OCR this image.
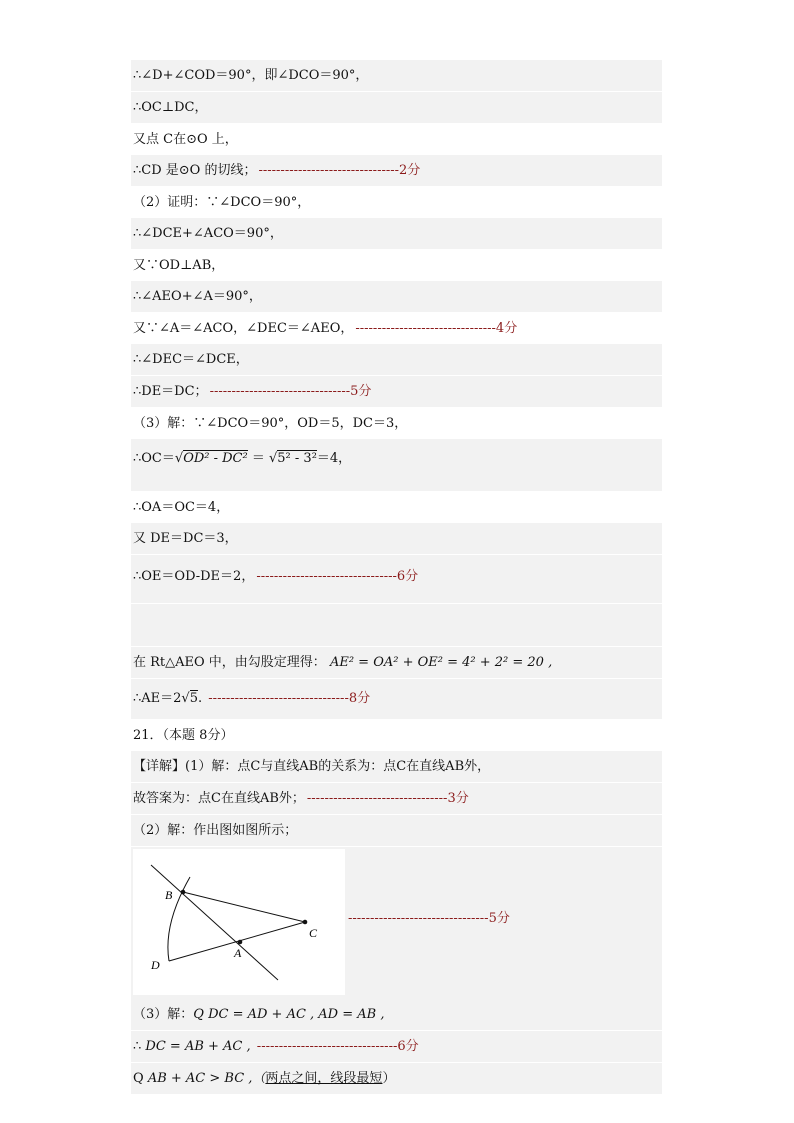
∴∠D+∠COD＝90°，即∠DCO＝90°，
∴OC⊥DC，
又点 C在⊙O 上，
∴CD 是⊙O 的切线； --------------------------------2分
（2）证明：∵∠DCO＝90°，
∴∠DCE+∠ACO＝90°，
又∵OD⊥AB，
∴∠AEO+∠A＝90°，
又∵∠A＝∠ACO，∠DEC＝∠AEO， --------------------------------4分
∴∠DEC＝∠DCE，
∴DE＝DC； --------------------------------5分
（3）解：∵∠DCO＝90°，OD＝5，DC＝3，
∴OC＝√OD² - DC² ＝ √5² - 3²＝4，
∴OA＝OC＝4，
又 DE＝DC＝3，
∴OE＝OD-DE＝2， --------------------------------6分
在 Rt△AEO 中，由勾股定理得： AE² = OA² + OE² = 4² + 2² = 20 ,
∴AE＝2√5. --------------------------------8分
21．（本题 8分）
【详解】(1）解：点C与直线AB的关系为：点C在直线AB外，
故答案为：点C在直线AB外； --------------------------------3分
（2）解：作出图如图所示；
B
C
A
D
--------------------------------5分
（3）解：Q DC = AD + AC , AD = AB ,
∴ DC = AB + AC , --------------------------------6分
Q AB + AC > BC ,（两点之间，线段最短）
